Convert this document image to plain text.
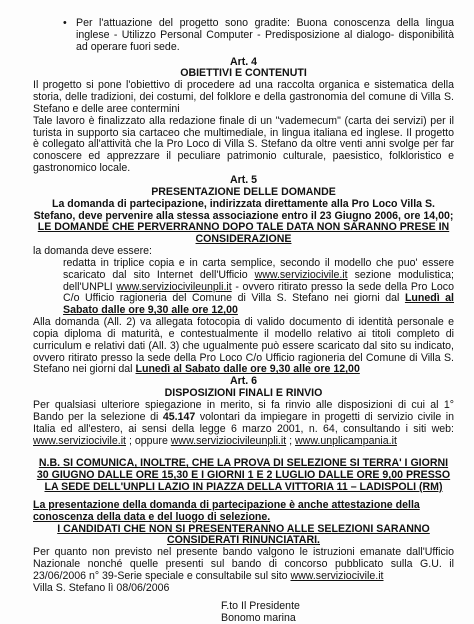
• Per l'attuazione del progetto sono gradite: Buona conoscenza della lingua inglese - Utilizzo Personal Computer - Predisposizione al dialogo- disponibilità ad operare fuori sede.

Art. 4

OBIETTIVI E CONTENUTI

Il progetto si pone l'obiettivo di procedere ad una raccolta organica e sistematica della storia, delle tradizioni, dei costumi, del folklore e della gastronomia del comune di Villa S. Stefano e delle aree contermini

Tale lavoro è finalizzato alla redazione finale di un "vademecum" (carta dei servizi) per il turista in supporto sia cartaceo che multimediale, in lingua italiana ed inglese. Il progetto è collegato all'attività che la Pro Loco di Villa S. Stefano da oltre venti anni svolge per far conoscere ed apprezzare il peculiare patrimonio culturale, paesistico, folkloristico e gastronomico locale.

Art. 5

PRESENTAZIONE DELLE DOMANDE

La domanda di partecipazione, indirizzata direttamente alla Pro Loco Villa S. Stefano, deve pervenire alla stessa associazione entro il 23 Giugno 2006, ore 14,00;

LE DOMANDE CHE PERVERRANNO DOPO TALE DATA NON SARANNO PRESE IN CONSIDERAZIONE

la domanda deve essere:

redatta in triplice copia e in carta semplice, secondo il modello che puo' essere scaricato dal sito Internet dell'Ufficio www.serviziocivile.it sezione modulistica; dell'UNPLI www.serviziocivileunpli.it - ovvero ritirato presso la sede della Pro Loco C/o Ufficio ragioneria del Comune di Villa S. Stefano nei giorni dal Lunedì al Sabato dalle ore 9,30 alle ore 12,00

Alla domanda (All. 2) va allegata fotocopia di valido documento di identità personale e copia diploma di maturità, e contestualmente il modello relativo ai titoli completo di curriculum e relativi dati (All. 3) che ugualmente può essere scaricato dal sito su indicato, ovvero ritirato presso la sede della Pro Loco C/o Ufficio ragioneria del Comune di Villa S. Stefano nei giorni dal Lunedì al Sabato dalle ore 9,30 alle ore 12,00

Art. 6

DISPOSIZIONI FINALI E RINVIO

Per qualsiasi ulteriore spiegazione in merito, si fa rinvio alle disposizioni di cui al 1° Bando per la selezione di 45.147 volontari da impiegare in progetti di servizio civile in Italia ed all'estero, ai sensi della legge 6 marzo 2001, n. 64, consultando i siti web: www.serviziocivile.it ; oppure www.serviziocivileunpli.it ; www.unplicampania.it

N.B. SI COMUNICA, INOLTRE, CHE LA PROVA DI SELEZIONE SI TERRA' I GIORNI 30 GIUGNO DALLE ORE 15,30 E I GIORNI 1 E 2 LUGLIO DALLE ORE 9,00 PRESSO LA SEDE DELL'UNPLI LAZIO IN PIAZZA DELLA VITTORIA 11 – LADISPOLI (RM)

La presentazione della domanda di partecipazione è anche attestazione della conoscenza della data e del luogo di selezione.

I CANDIDATI CHE NON SI PRESENTERANNO ALLE SELEZIONI SARANNO CONSIDERATI RINUNCIATARI.

Per quanto non previsto nel presente bando valgono le istruzioni emanate dall'Ufficio Nazionale nonché quelle presenti sul bando di concorso pubblicato sulla G.U. il 23/06/2006 n° 39-Serie speciale e consultabile sul sito www.serviziocivile.it

Villa S. Stefano lì 08/06/2006

F.to Il Presidente

Bonomo marina
